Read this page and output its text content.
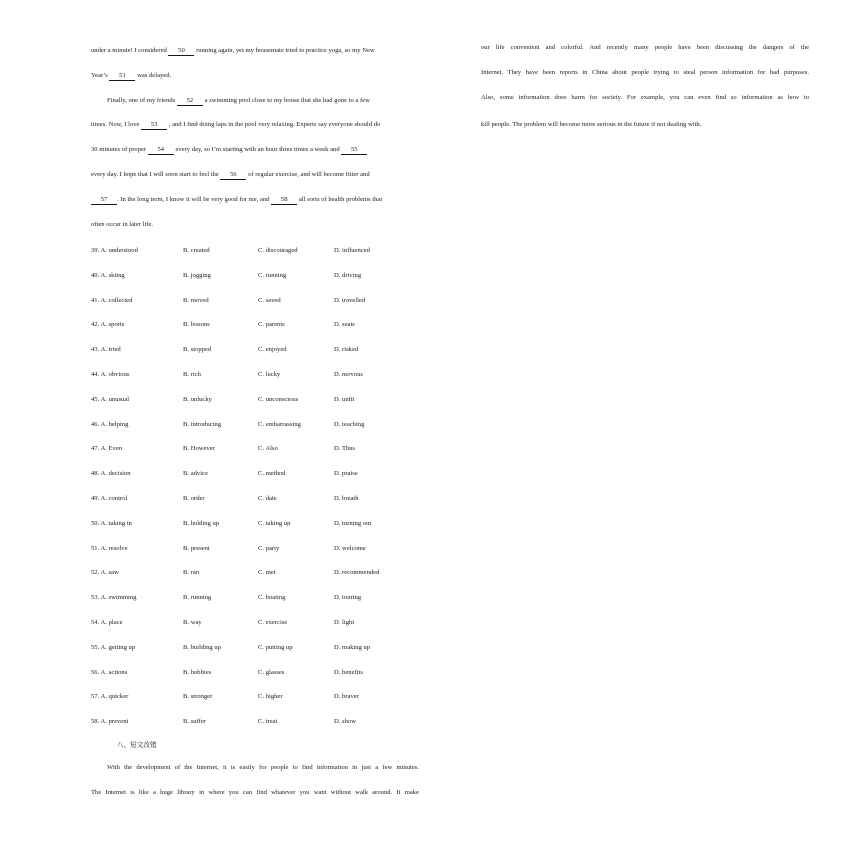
under a minute! I considered 50 running again, yet my housemate tried to practice yoga, so my New
Year’s 51 was delayed.
Finally, one of my friends 52 a swimming pool close to my house that she had gone to a few
times. Now, I love 53 , and I find doing laps in the pool very relaxing. Experts say everyone should do
30 minutes of proper 54 every day, so I’m starting with an hour three times a week and 55
every day. I hope that I will soon start to feel the 56 of regular exercise, and will become fitter and
57 . In the long term, I know it will be very good for me, and 58 all sorts of health problems that
often occur in later life.
39. A. understood	B. created	C. discouraged	D. influenced
40. A. skiing	B. jogging	C. running	D. driving
41. A. collected	B. moved	C. saved	D. travelled
42. A. sports	B. lessons	C. parents	D. seats
43. A. tried	B. stopped	C. enjoyed	D. risked
44. A. obvious	B. rich	C. lucky	D. nervous
45. A. unusual	B. unlucky	C. unconscious	D. unfit
46. A. helping	B. introducing	C. embarrassing	D. teaching
47. A. Even	B. However	C. Also	D. Thus
48. A. decision	B. advice	C. method	D. praise
49. A. control	B. order	C. date	D. breath
50. A. taking in	B. holding up	C. taking up	D. turning out
51. A. resolve	B. present	C. party	D. welcome
52. A. saw	B. ran	C. met	D. recommended
53. A. swimming	B. running	C. boating	D. touring
54. A. place	B. way	C. exercise	D. light
55. A. getting up	B. building up	C. putting up	D. making up
56. A. actions	B. hobbies	C. glasses	D. benefits
57. A. quicker	B. stronger	C. higher	D. braver
58. A. prevent	B. suffer	C. treat	D. show
八、短文改错
With the development of the Internet, it is easily for people to find information in just a few minutes.
The Internet is like a huge library in where you can find whatever you want without walk around. It make
our life convenient and colorful. And recently many people have been discussing the dangers of the
Internet. They have been reports in China about people trying to steal person information for bad purposes.
Also, some information does harm for society. For example, you can even find so information as how to
kill people. The problem will become more serious in the future if not dealing with.
